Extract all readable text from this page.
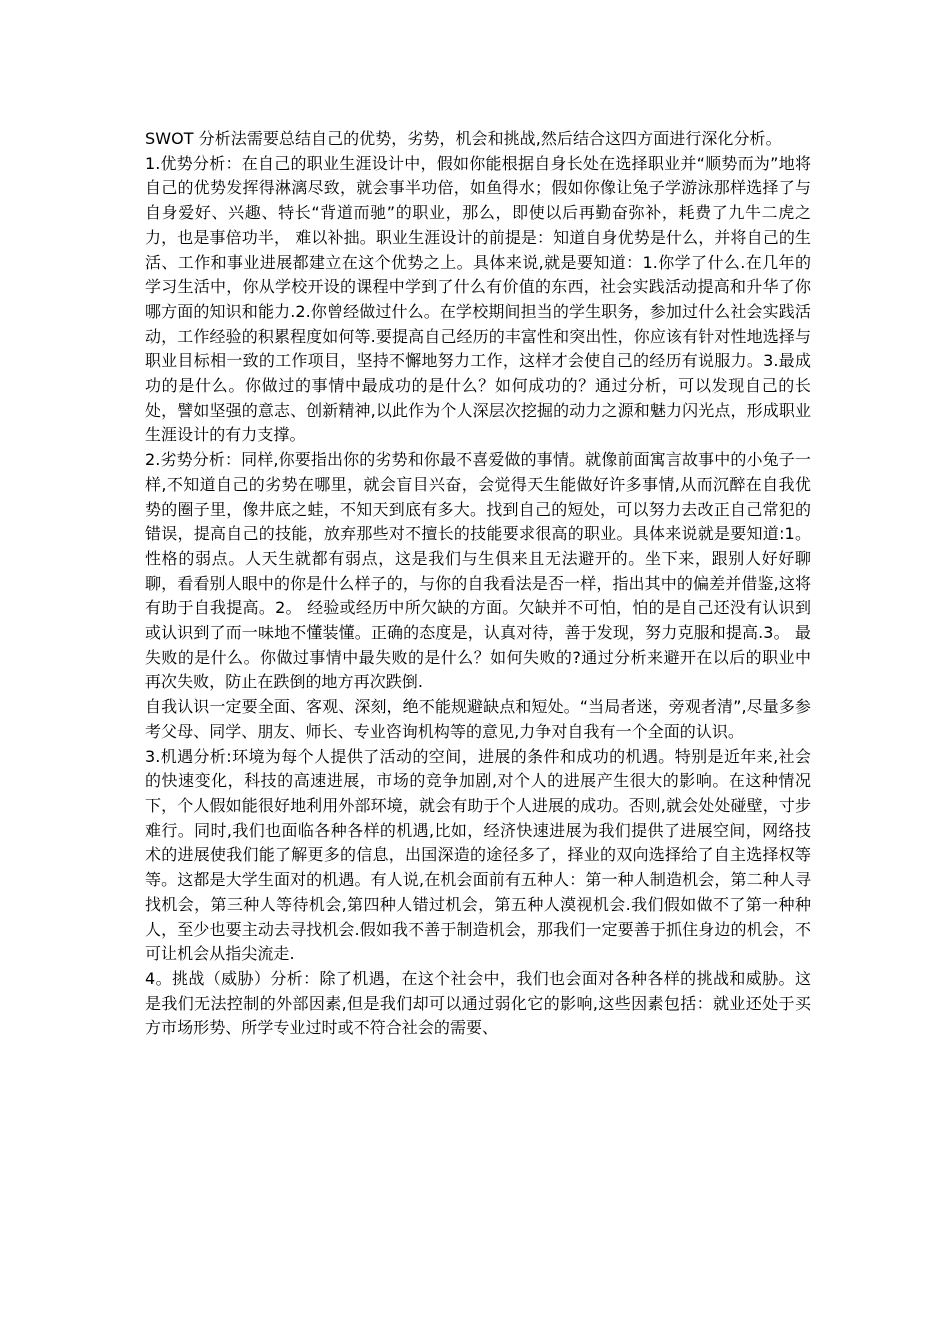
SWOT 分析法需要总结自己的优势，劣势，机会和挑战,然后结合这四方面进行深化分析。

1.优势分析：在自己的职业生涯设计中，假如你能根据自身长处在选择职业并“顺势而为”地将自己的优势发挥得淋漓尽致，就会事半功倍，如鱼得水；假如你像让兔子学游泳那样选择了与自身爱好、兴趣、特长“背道而驰”的职业，那么，即使以后再勤奋弥补，耗费了九牛二虎之力，也是事倍功半， 难以补拙。职业生涯设计的前提是：知道自身优势是什么，并将自己的生活、工作和事业进展都建立在这个优势之上。具体来说,就是要知道：1.你学了什么.在几年的学习生活中，你从学校开设的课程中学到了什么有价值的东西，社会实践活动提高和升华了你哪方面的知识和能力.2.你曾经做过什么。在学校期间担当的学生职务，参加过什么社会实践活动，工作经验的积累程度如何等.要提高自己经历的丰富性和突出性，你应该有针对性地选择与职业目标相一致的工作项目，坚持不懈地努力工作，这样才会使自己的经历有说服力。3.最成功的是什么。你做过的事情中最成功的是什么？如何成功的？通过分析，可以发现自己的长处，譬如坚强的意志、创新精神,以此作为个人深层次挖掘的动力之源和魅力闪光点，形成职业生涯设计的有力支撑。

2.劣势分析：同样,你要指出你的劣势和你最不喜爱做的事情。就像前面寓言故事中的小兔子一样,不知道自己的劣势在哪里，就会盲目兴奋，会觉得天生能做好许多事情,从而沉醉在自我优势的圈子里，像井底之蛙，不知天到底有多大。找到自己的短处，可以努力去改正自己常犯的错误，提高自己的技能，放弃那些对不擅长的技能要求很高的职业。具体来说就是要知道:1。 性格的弱点。人天生就都有弱点，这是我们与生俱来且无法避开的。坐下来，跟别人好好聊聊，看看别人眼中的你是什么样子的，与你的自我看法是否一样，指出其中的偏差并借鉴,这将有助于自我提高。2。 经验或经历中所欠缺的方面。欠缺并不可怕，怕的是自己还没有认识到或认识到了而一味地不懂装懂。正确的态度是，认真对待，善于发现，努力克服和提高.3。 最失败的是什么。你做过事情中最失败的是什么？如何失败的?通过分析来避开在以后的职业中再次失败，防止在跌倒的地方再次跌倒.

自我认识一定要全面、客观、深刻，绝不能规避缺点和短处。“当局者迷，旁观者清”,尽量多参考父母、同学、朋友、师长、专业咨询机构等的意见,力争对自我有一个全面的认识。

3.机遇分析:环境为每个人提供了活动的空间，进展的条件和成功的机遇。特别是近年来,社会的快速变化，科技的高速进展，市场的竞争加剧,对个人的进展产生很大的影响。在这种情况下，个人假如能很好地利用外部环境，就会有助于个人进展的成功。否则,就会处处碰壁，寸步难行。同时,我们也面临各种各样的机遇,比如，经济快速进展为我们提供了进展空间，网络技术的进展使我们能了解更多的信息，出国深造的途径多了，择业的双向选择给了自主选择权等等。这都是大学生面对的机遇。有人说,在机会面前有五种人：第一种人制造机会，第二种人寻找机会，第三种人等待机会,第四种人错过机会，第五种人漠视机会.我们假如做不了第一种种人，至少也要主动去寻找机会.假如我不善于制造机会，那我们一定要善于抓住身边的机会，不可让机会从指尖流走.

4。挑战（威胁）分析：除了机遇，在这个社会中，我们也会面对各种各样的挑战和威胁。这是我们无法控制的外部因素,但是我们却可以通过弱化它的影响,这些因素包括：就业还处于买方市场形势、所学专业过时或不符合社会的需要、
